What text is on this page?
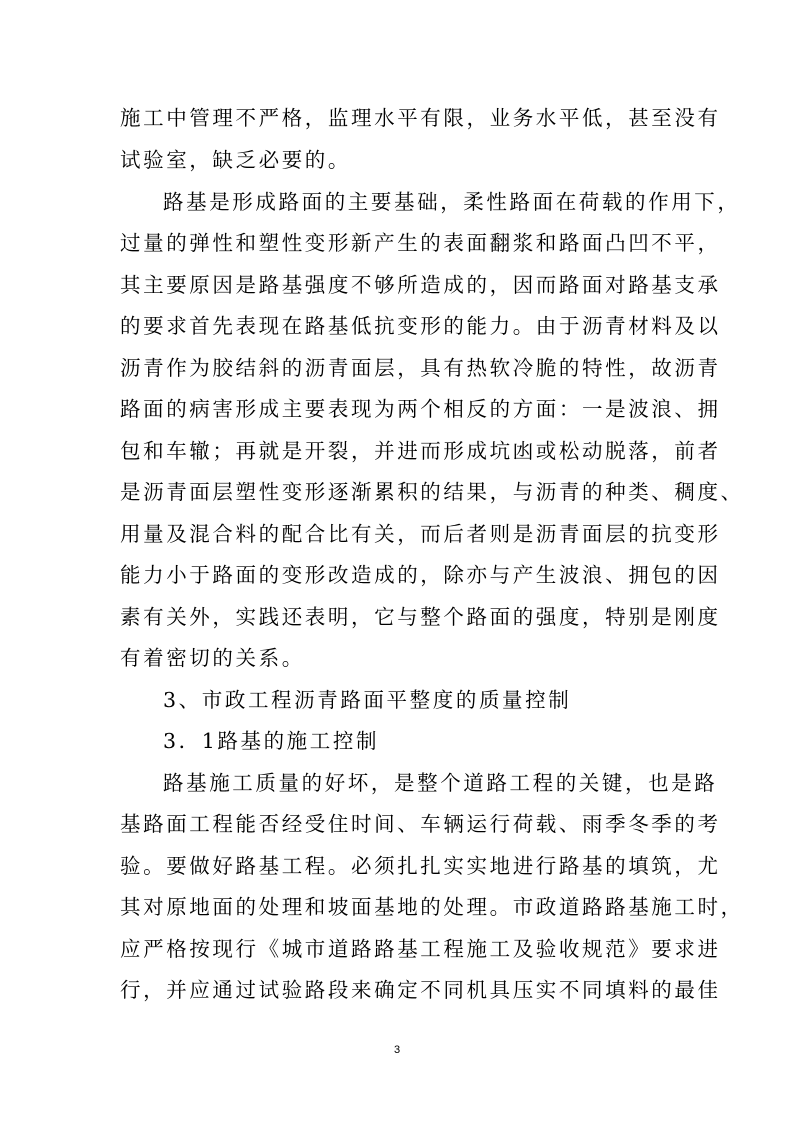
施工中管理不严格，监理水平有限，业务水平低，甚至没有
试验室，缺乏必要的。
路基是形成路面的主要基础，柔性路面在荷载的作用下，
过量的弹性和塑性变形新产生的表面翻浆和路面凸凹不平，
其主要原因是路基强度不够所造成的，因而路面对路基支承
的要求首先表现在路基低抗变形的能力。由于沥青材料及以
沥青作为胶结斜的沥青面层，具有热软冷脆的特性，故沥青
路面的病害形成主要表现为两个相反的方面：一是波浪、拥
包和车辙；再就是开裂，并进而形成坑凼或松动脱落，前者
是沥青面层塑性变形逐渐累积的结果，与沥青的种类、稠度、
用量及混合料的配合比有关，而后者则是沥青面层的抗变形
能力小于路面的变形改造成的，除亦与产生波浪、拥包的因
素有关外，实践还表明，它与整个路面的强度，特别是刚度
有着密切的关系。
3、市政工程沥青路面平整度的质量控制
3．1路基的施工控制
路基施工质量的好坏，是整个道路工程的关键，也是路
基路面工程能否经受住时间、车辆运行荷载、雨季冬季的考
验。要做好路基工程。必须扎扎实实地进行路基的填筑，尤
其对原地面的处理和坡面基地的处理。市政道路路基施工时，
应严格按现行《城市道路路基工程施工及验收规范》要求进
行，并应通过试验路段来确定不同机具压实不同填料的最佳
3
